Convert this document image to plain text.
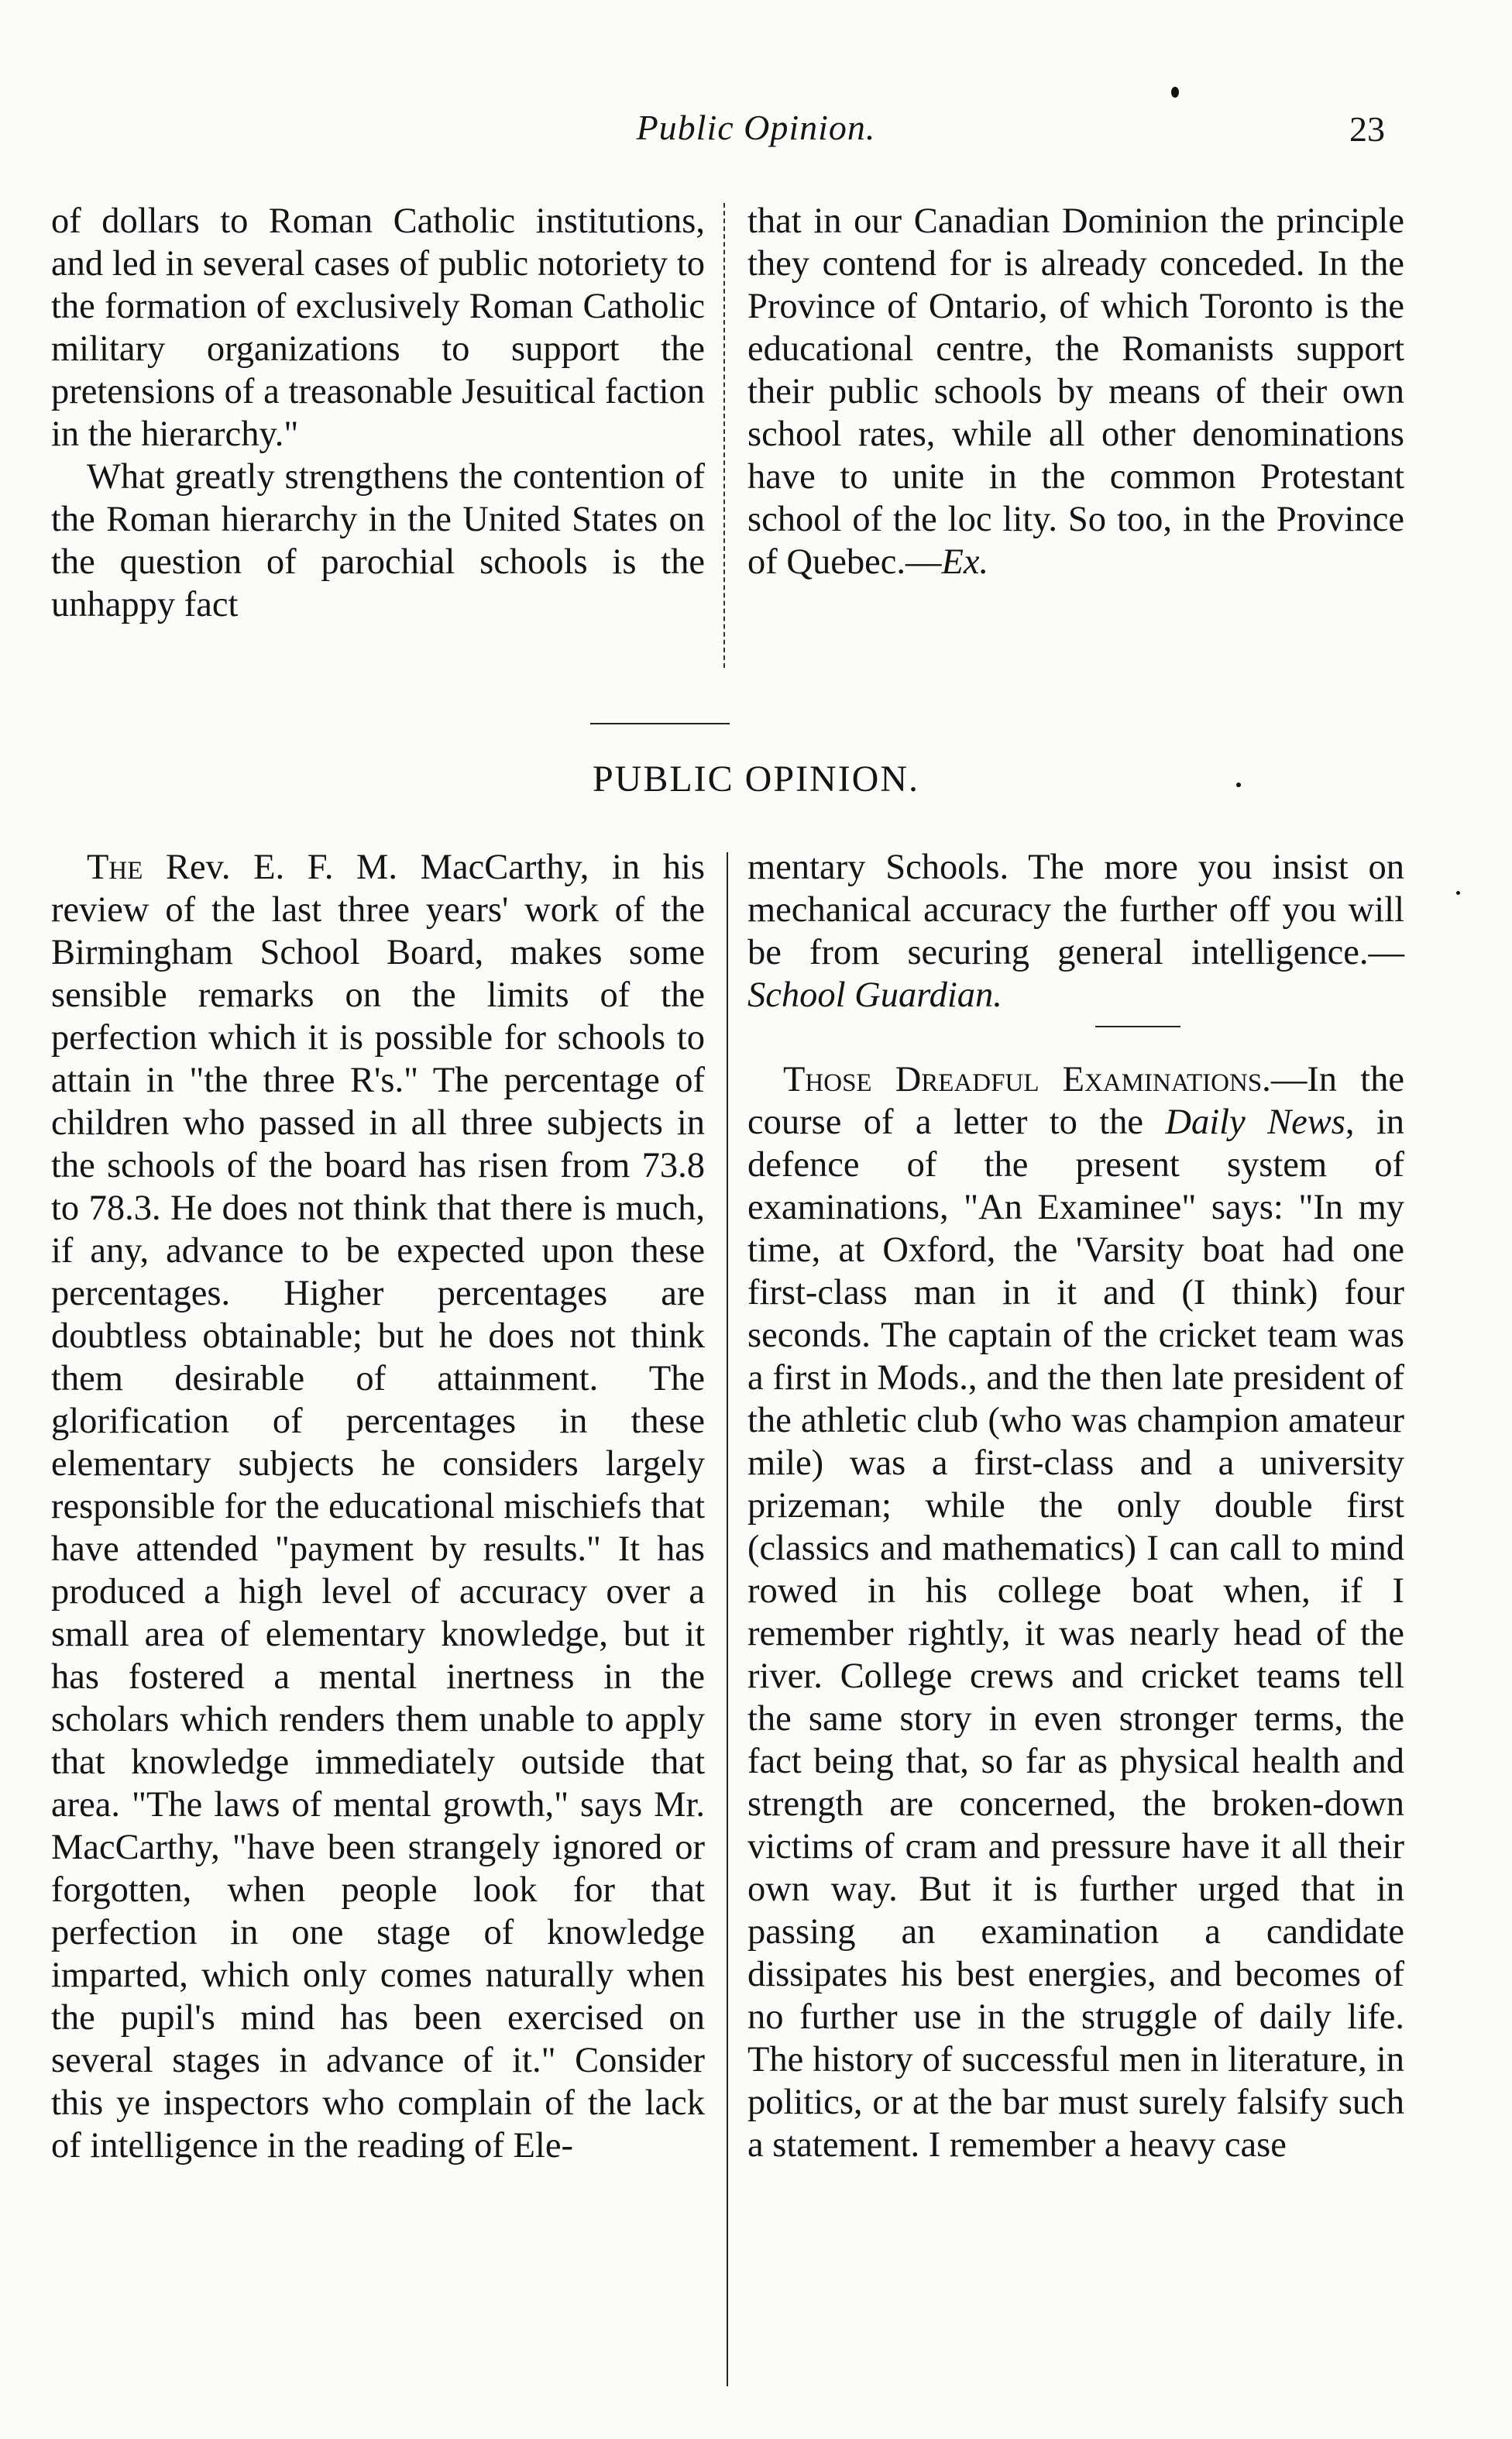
Public Opinion.	23

of dollars to Roman Catholic institutions, and led in several cases of public notoriety to the formation of exclusively Roman Catholic military organizations to support the pretensions of a treasonable Jesuitical faction in the hierarchy."

What greatly strengthens the contention of the Roman hierarchy in the United States on the question of parochial schools is the unhappy fact

that in our Canadian Dominion the principle they contend for is already conceded. In the Province of Ontario, of which Toronto is the educational centre, the Romanists support their public schools by means of their own school rates, while all other denominations have to unite in the common Protestant school of the loc lity. So too, in the Province of Quebec.—Ex.

PUBLIC OPINION.

The Rev. E. F. M. MacCarthy, in his review of the last three years' work of the Birmingham School Board, makes some sensible remarks on the limits of the perfection which it is possible for schools to attain in "the three R's." The percentage of children who passed in all three subjects in the schools of the board has risen from 73.8 to 78.3. He does not think that there is much, if any, advance to be expected upon these percentages. Higher percentages are doubtless obtainable; but he does not think them desirable of attainment. The glorification of percentages in these elementary subjects he considers largely responsible for the educational mischiefs that have attended "payment by results." It has produced a high level of accuracy over a small area of elementary knowledge, but it has fostered a mental inertness in the scholars which renders them unable to apply that knowledge immediately outside that area. "The laws of mental growth," says Mr. MacCarthy, "have been strangely ignored or forgotten, when people look for that perfection in one stage of knowledge imparted, which only comes naturally when the pupil's mind has been exercised on several stages in advance of it." Consider this ye inspectors who complain of the lack of intelligence in the reading of Ele-

mentary Schools. The more you insist on mechanical accuracy the further off you will be from securing general intelligence.—School Guardian.

Those Dreadful Examinations.—In the course of a letter to the Daily News, in defence of the present system of examinations, "An Examinee" says: "In my time, at Oxford, the 'Varsity boat had one first-class man in it and (I think) four seconds. The captain of the cricket team was a first in Mods., and the then late president of the athletic club (who was champion amateur mile) was a first-class and a university prizeman; while the only double first (classics and mathematics) I can call to mind rowed in his college boat when, if I remember rightly, it was nearly head of the river. College crews and cricket teams tell the same story in even stronger terms, the fact being that, so far as physical health and strength are concerned, the broken-down victims of cram and pressure have it all their own way. But it is further urged that in passing an examination a candidate dissipates his best energies, and becomes of no further use in the struggle of daily life. The history of successful men in literature, in politics, or at the bar must surely falsify such a statement. I remember a heavy case
